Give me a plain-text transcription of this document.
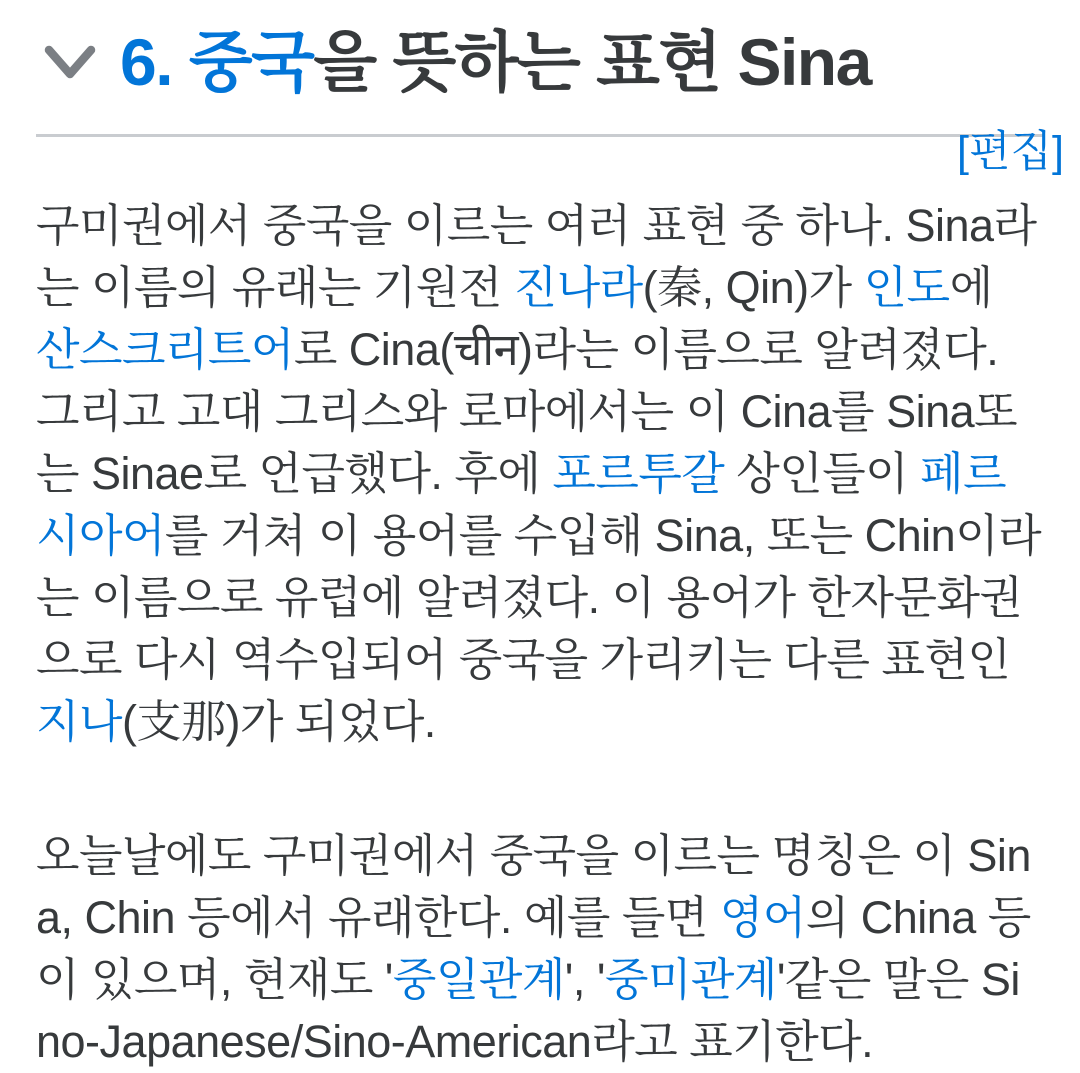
6. 중국을 뜻하는 표현 Sina
[편집]

구미권에서 중국을 이르는 여러 표현 중 하나. Sina라는 이름의 유래는 기원전 진나라(秦, Qin)가 인도에 산스크리트어로 Cina(चीन)라는 이름으로 알려졌다. 그리고 고대 그리스와 로마에서는 이 Cina를 Sina또는 Sinae로 언급했다. 후에 포르투갈 상인들이 페르시아어를 거쳐 이 용어를 수입해 Sina, 또는 Chin이라는 이름으로 유럽에 알려졌다. 이 용어가 한자문화권으로 다시 역수입되어 중국을 가리키는 다른 표현인 지나(支那)가 되었다.

오늘날에도 구미권에서 중국을 이르는 명칭은 이 Sina, Chin 등에서 유래한다. 예를 들면 영어의 China 등이 있으며, 현재도 '중일관계', '중미관계'같은 말은 Sino-Japanese/Sino-American라고 표기한다.
